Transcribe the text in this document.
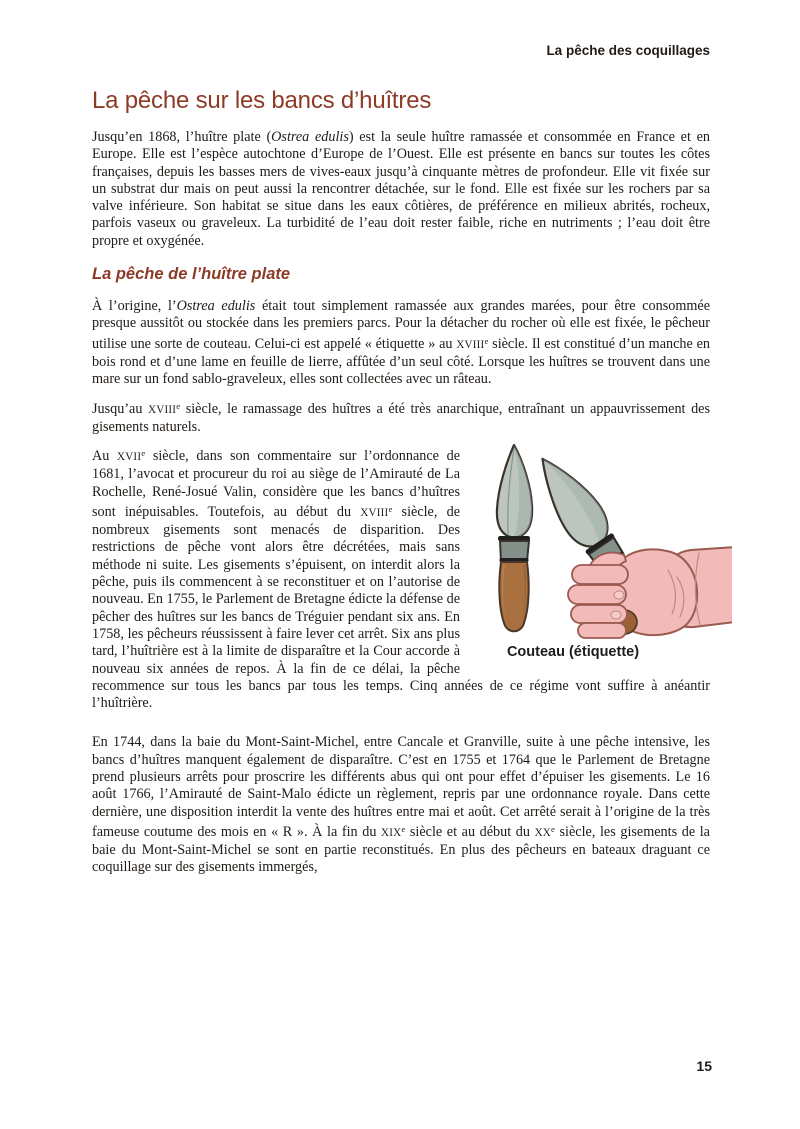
La pêche des coquillages
La pêche sur les bancs d’huîtres

Jusqu’en 1868, l’huître plate (Ostrea edulis) est la seule huître ramassée et consommée en France et en Europe. Elle est l’espèce autochtone d’Europe de l’Ouest. Elle est présente en bancs sur toutes les côtes françaises, depuis les basses mers de vives-eaux jusqu’à cinquante mètres de profondeur. Elle vit fixée sur un substrat dur mais on peut aussi la rencontrer détachée, sur le fond. Elle est fixée sur les rochers par sa valve inférieure. Son habitat se situe dans les eaux côtières, de préférence en milieux abrités, rocheux, parfois vaseux ou graveleux. La turbidité de l’eau doit rester faible, riche en nutriments ; l’eau doit être propre et oxygénée.

La pêche de l’huître plate

À l’origine, l’Ostrea edulis était tout simplement ramassée aux grandes marées, pour être consommée presque aussitôt ou stockée dans les premiers parcs. Pour la détacher du rocher où elle est fixée, le pêcheur utilise une sorte de couteau. Celui-ci est appelé « étiquette » au XVIIIe siècle. Il est constitué d’un manche en bois rond et d’une lame en feuille de lierre, affûtée d’un seul côté. Lorsque les huîtres se trouvent dans une mare sur un fond sablo-graveleux, elles sont collectées avec un râteau.

Jusqu’au XVIIIe siècle, le ramassage des huîtres a été très anarchique, entraînant un appauvrissement des gisements naturels.

Couteau (étiquette)

Au XVIIe siècle, dans son commentaire sur l’ordonnance de 1681, l’avocat et procureur du roi au siège de l’Amirauté de La Rochelle, René-Josué Valin, considère que les bancs d’huîtres sont inépuisables. Toutefois, au début du XVIIIe siècle, de nombreux gisements sont menacés de disparition. Des restrictions de pêche vont alors être décrétées, mais sans méthode ni suite. Les gisements s’épuisent, on interdit alors la pêche, puis ils commencent à se reconstituer et on l’autorise de nouveau. En 1755, le Parlement de Bretagne édicte la défense de pêcher des huîtres sur les bancs de Tréguier pendant six ans. En 1758, les pêcheurs réussissent à faire lever cet arrêt. Six ans plus tard, l’huîtrière est à la limite de disparaître et la Cour accorde à nouveau six années de repos. À la fin de ce délai, la pêche recommence sur tous les bancs par tous les temps. Cinq années de ce régime vont suffire à anéantir l’huîtrière.

En 1744, dans la baie du Mont-Saint-Michel, entre Cancale et Granville, suite à une pêche intensive, les bancs d’huîtres manquent également de disparaître. C’est en 1755 et 1764 que le Parlement de Bretagne prend plusieurs arrêts pour proscrire les différents abus qui ont pour effet d’épuiser les gisements. Le 16 août 1766, l’Amirauté de Saint-Malo édicte un règlement, repris par une ordonnance royale. Dans cette dernière, une disposition interdit la vente des huîtres entre mai et août. Cet arrêté serait à l’origine de la très fameuse coutume des mois en « R ». À la fin du XIXe siècle et au début du XXe siècle, les gisements de la baie du Mont-Saint-Michel se sont en partie reconstitués. En plus des pêcheurs en bateaux draguant ce coquillage sur des gisements immergés,

15
